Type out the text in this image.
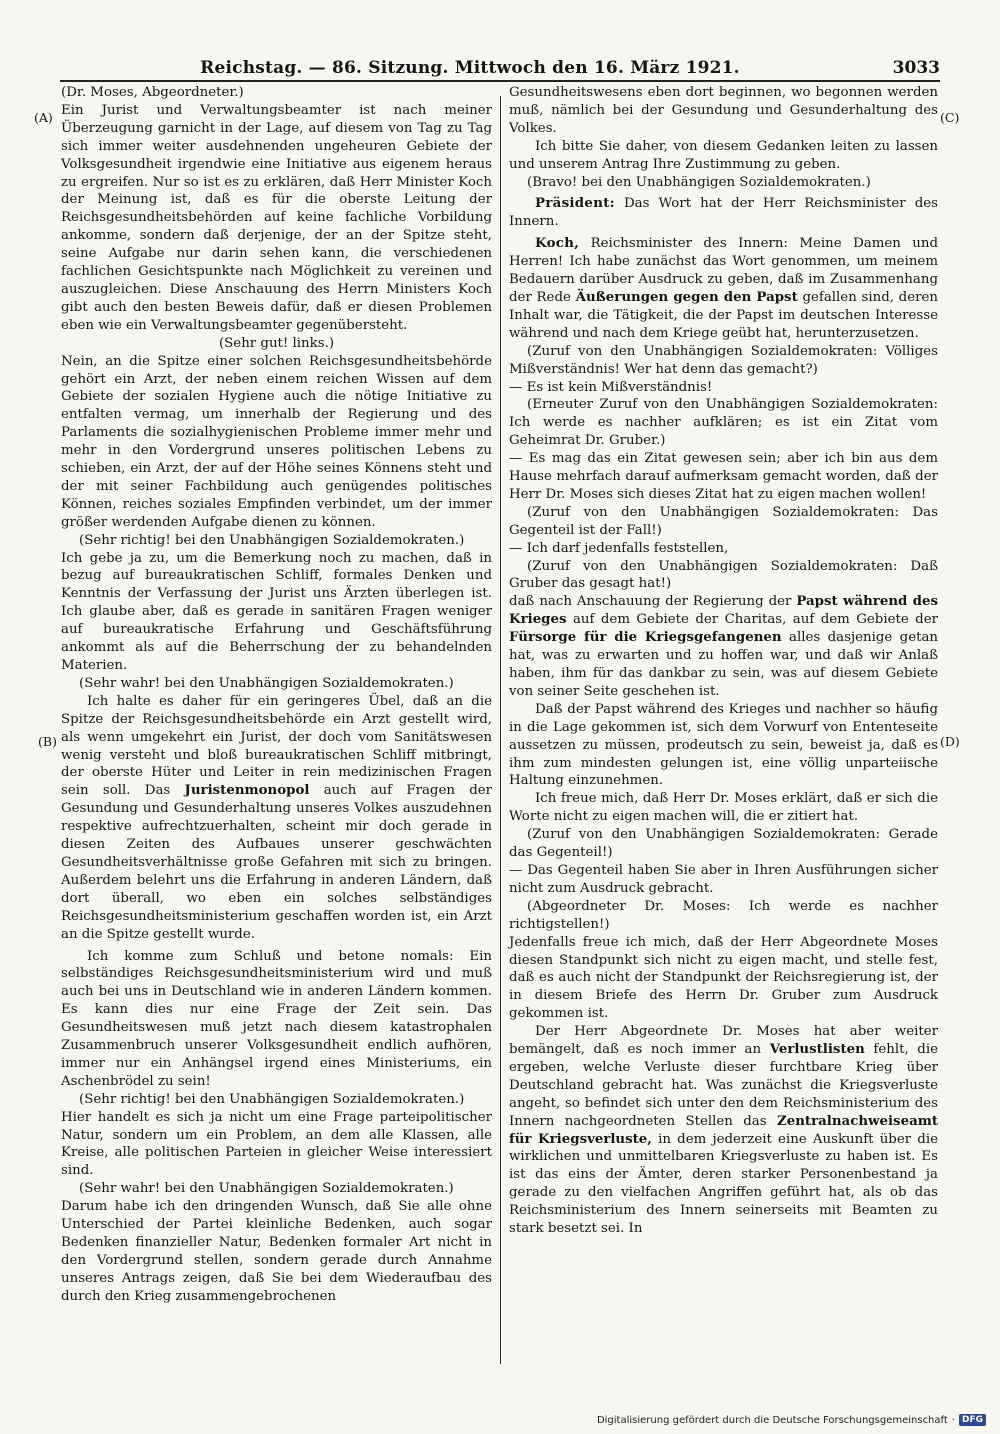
Reichstag. — 86. Sitzung. Mittwoch den 16. März 1921.	3033
(A)
(B)
(C)
(D)

(Dr. Moses, Abgeordneter.)

Ein Jurist und Verwaltungsbeamter ist nach meiner Überzeugung garnicht in der Lage, auf diesem von Tag zu Tag sich immer weiter ausdehnenden ungeheuren Gebiete der Volksgesundheit irgendwie eine Initiative aus eigenem heraus zu ergreifen. Nur so ist es zu erklären, daß Herr Minister Koch der Meinung ist, daß es für die oberste Leitung der Reichsgesundheitsbehörden auf keine fachliche Vorbildung ankomme, sondern daß derjenige, der an der Spitze steht, seine Aufgabe nur darin sehen kann, die verschiedenen fachlichen Gesichtspunkte nach Möglichkeit zu vereinen und auszugleichen. Diese Anschauung des Herrn Ministers Koch gibt auch den besten Beweis dafür, daß er diesen Problemen eben wie ein Verwaltungsbeamter gegenübersteht.

(Sehr gut! links.)

Nein, an die Spitze einer solchen Reichsgesundheitsbehörde gehört ein Arzt, der neben einem reichen Wissen auf dem Gebiete der sozialen Hygiene auch die nötige Initiative zu entfalten vermag, um innerhalb der Regierung und des Parlaments die sozialhygienischen Probleme immer mehr und mehr in den Vordergrund unseres politischen Lebens zu schieben, ein Arzt, der auf der Höhe seines Könnens steht und der mit seiner Fachbildung auch genügendes politisches Können, reiches soziales Empfinden verbindet, um der immer größer werdenden Aufgabe dienen zu können.

(Sehr richtig! bei den Unabhängigen Sozialdemokraten.)

Ich gebe ja zu, um die Bemerkung noch zu machen, daß in bezug auf bureaukratischen Schliff, formales Denken und Kenntnis der Verfassung der Jurist uns Ärzten überlegen ist. Ich glaube aber, daß es gerade in sanitären Fragen weniger auf bureaukratische Erfahrung und Geschäftsführung ankommt als auf die Beherrschung der zu behandelnden Materien.

(Sehr wahr! bei den Unabhängigen Sozialdemokraten.)

Ich halte es daher für ein geringeres Übel, daß an die Spitze der Reichsgesundheitsbehörde ein Arzt gestellt wird, als wenn umgekehrt ein Jurist, der doch vom Sanitätswesen wenig versteht und bloß bureaukratischen Schliff mitbringt, der oberste Hüter und Leiter in rein medizinischen Fragen sein soll. Das Juristenmonopol auch auf Fragen der Gesundung und Gesunderhaltung unseres Volkes auszudehnen respektive aufrechtzuerhalten, scheint mir doch gerade in diesen Zeiten des Aufbaues unserer geschwächten Gesundheitsverhältnisse große Gefahren mit sich zu bringen. Außerdem belehrt uns die Erfahrung in anderen Ländern, daß dort überall, wo eben ein solches selbständiges Reichsgesundheitsministerium geschaffen worden ist, ein Arzt an die Spitze gestellt wurde.

Ich komme zum Schluß und betone nomals: Ein selbständiges Reichsgesundheitsministerium wird und muß auch bei uns in Deutschland wie in anderen Ländern kommen. Es kann dies nur eine Frage der Zeit sein. Das Gesundheitswesen muß jetzt nach diesem katastrophalen Zusammenbruch unserer Volksgesundheit endlich aufhören, immer nur ein Anhängsel irgend eines Ministeriums, ein Aschenbrödel zu sein!

(Sehr richtig! bei den Unabhängigen Sozialdemokraten.)

Hier handelt es sich ja nicht um eine Frage parteipolitischer Natur, sondern um ein Problem, an dem alle Klassen, alle Kreise, alle politischen Parteien in gleicher Weise interessiert sind.

(Sehr wahr! bei den Unabhängigen Sozialdemokraten.)

Darum habe ich den dringenden Wunsch, daß Sie alle ohne Unterschied der Partei kleinliche Bedenken, auch sogar Bedenken finanzieller Natur, Bedenken formaler Art nicht in den Vordergrund stellen, sondern gerade durch Annahme unseres Antrags zeigen, daß Sie bei dem Wiederaufbau des durch den Krieg zusammengebrochenen

Gesundheitswesens eben dort beginnen, wo begonnen werden muß, nämlich bei der Gesundung und Gesunderhaltung des Volkes.

Ich bitte Sie daher, von diesem Gedanken leiten zu lassen und unserem Antrag Ihre Zustimmung zu geben.

(Bravo! bei den Unabhängigen Sozialdemokraten.)

Präsident: Das Wort hat der Herr Reichsminister des Innern.

Koch, Reichsminister des Innern: Meine Damen und Herren! Ich habe zunächst das Wort genommen, um meinem Bedauern darüber Ausdruck zu geben, daß im Zusammenhang der Rede Äußerungen gegen den Papst gefallen sind, deren Inhalt war, die Tätigkeit, die der Papst im deutschen Interesse während und nach dem Kriege geübt hat, herunterzusetzen.

(Zuruf von den Unabhängigen Sozialdemokraten: Völliges Mißverständnis! Wer hat denn das gemacht?)

— Es ist kein Mißverständnis!

(Erneuter Zuruf von den Unabhängigen Sozialdemokraten: Ich werde es nachher aufklären; es ist ein Zitat vom Geheimrat Dr. Gruber.)

— Es mag das ein Zitat gewesen sein; aber ich bin aus dem Hause mehrfach darauf aufmerksam gemacht worden, daß der Herr Dr. Moses sich dieses Zitat hat zu eigen machen wollen!

(Zuruf von den Unabhängigen Sozialdemokraten: Das Gegenteil ist der Fall!)

— Ich darf jedenfalls feststellen,

(Zuruf von den Unabhängigen Sozialdemokraten: Daß Gruber das gesagt hat!)

daß nach Anschauung der Regierung der Papst während des Krieges auf dem Gebiete der Charitas, auf dem Gebiete der Fürsorge für die Kriegsgefangenen alles dasjenige getan hat, was zu erwarten und zu hoffen war, und daß wir Anlaß haben, ihm für das dankbar zu sein, was auf diesem Gebiete von seiner Seite geschehen ist.

Daß der Papst während des Krieges und nachher so häufig in die Lage gekommen ist, sich dem Vorwurf von Ententeseite aussetzen zu müssen, prodeutsch zu sein, beweist ja, daß es ihm zum mindesten gelungen ist, eine völlig unparteiische Haltung einzunehmen.

Ich freue mich, daß Herr Dr. Moses erklärt, daß er sich die Worte nicht zu eigen machen will, die er zitiert hat.

(Zuruf von den Unabhängigen Sozialdemokraten: Gerade das Gegenteil!)

— Das Gegenteil haben Sie aber in Ihren Ausführungen sicher nicht zum Ausdruck gebracht.

(Abgeordneter Dr. Moses: Ich werde es nachher richtigstellen!)

Jedenfalls freue ich mich, daß der Herr Abgeordnete Moses diesen Standpunkt sich nicht zu eigen macht, und stelle fest, daß es auch nicht der Standpunkt der Reichsregierung ist, der in diesem Briefe des Herrn Dr. Gruber zum Ausdruck gekommen ist.

Der Herr Abgeordnete Dr. Moses hat aber weiter bemängelt, daß es noch immer an Verlustlisten fehlt, die ergeben, welche Verluste dieser furchtbare Krieg über Deutschland gebracht hat. Was zunächst die Kriegsverluste angeht, so befindet sich unter den dem Reichsministerium des Innern nachgeordneten Stellen das Zentralnachweiseamt für Kriegsverluste, in dem jederzeit eine Auskunft über die wirklichen und unmittelbaren Kriegsverluste zu haben ist. Es ist das eins der Ämter, deren starker Personenbestand ja gerade zu den vielfachen Angriffen geführt hat, als ob das Reichsministerium des Innern seinerseits mit Beamten zu stark besetzt sei. In

Digitalisierung gefördert durch die Deutsche Forschungsgemeinschaft · DFG
